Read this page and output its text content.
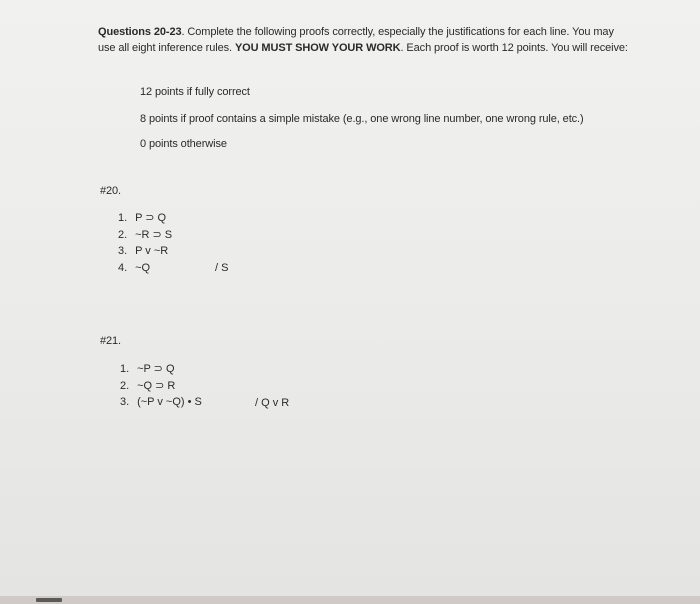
Questions 20-23. Complete the following proofs correctly, especially the justifications for each line. You may use all eight inference rules. YOU MUST SHOW YOUR WORK. Each proof is worth 12 points. You will receive:
12 points if fully correct
8 points if proof contains a simple mistake (e.g., one wrong line number, one wrong rule, etc.)
0 points otherwise
#20.
1. P ⊃ Q
2. ~R ⊃ S
3. P v ~R
4. ~Q	/ S
#21.
1. ~P ⊃ Q
2. ~Q ⊃ R
3. (~P v ~Q) • S	/ Q v R
